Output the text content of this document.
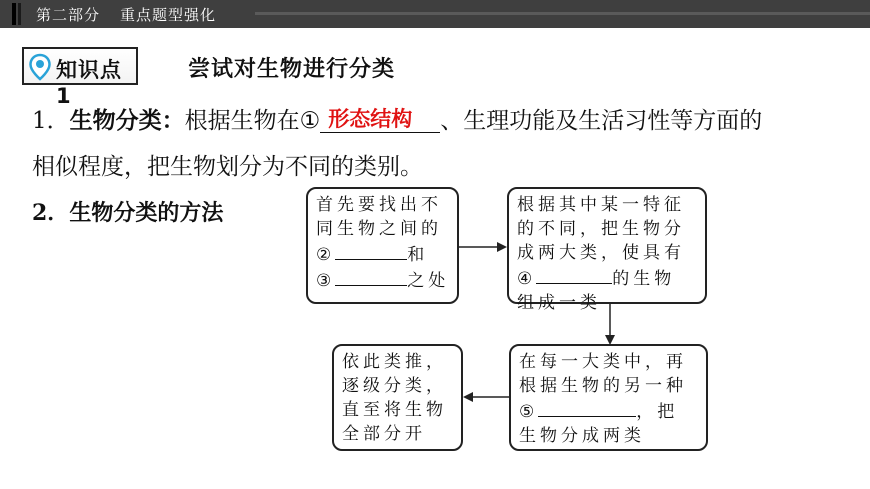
第二部分 重点题型强化
知识点1
尝试对生物进行分类
1．生物分类：根据生物在① 形态结构 、生理功能及生活习性等方面的
相似程度，把生物划分为不同的类别。
2．生物分类的方法	首先要找出不
同生物之间的
②	和
③	之处
根据其中某一特征
的不同，把生物分
成两大类，使具有
④	的生物
组成一类
在每一大类中，再
根据生物的另一种
⑤	，把
生物分成两类
依此类推，
逐级分类，
直至将生物
全部分开
